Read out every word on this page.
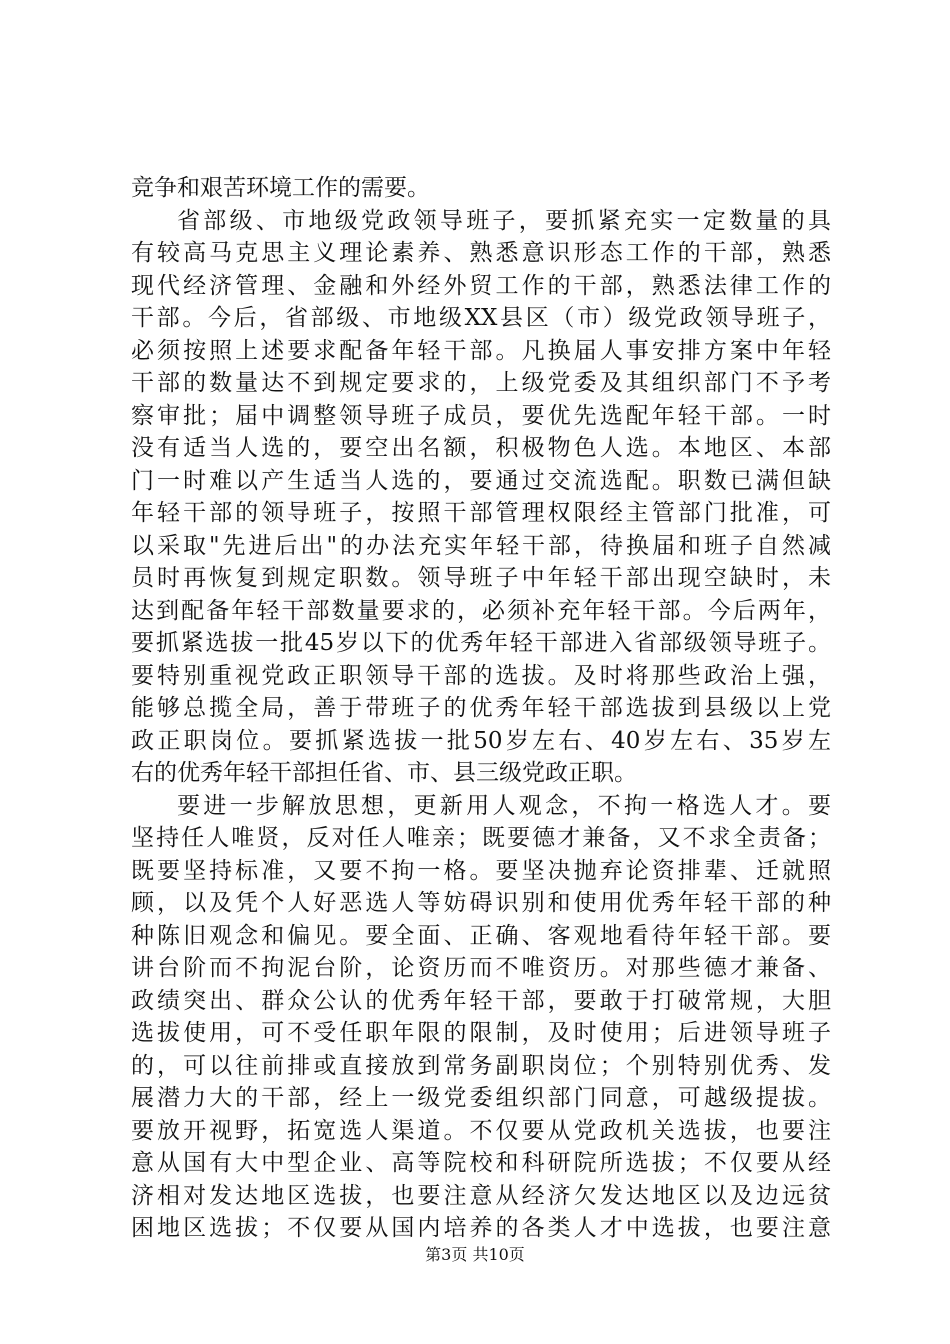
竞争和艰苦环境工作的需要。
省部级、市地级党政领导班子，要抓紧充实一定数量的具
有较高马克思主义理论素养、熟悉意识形态工作的干部，熟悉
现代经济管理、金融和外经外贸工作的干部，熟悉法律工作的
干部。今后，省部级、市地级XX县区（市）级党政领导班子，
必须按照上述要求配备年轻干部。凡换届人事安排方案中年轻
干部的数量达不到规定要求的，上级党委及其组织部门不予考
察审批；届中调整领导班子成员，要优先选配年轻干部。一时
没有适当人选的，要空出名额，积极物色人选。本地区、本部
门一时难以产生适当人选的，要通过交流选配。职数已满但缺
年轻干部的领导班子，按照干部管理权限经主管部门批准，可
以采取"先进后出"的办法充实年轻干部，待换届和班子自然减
员时再恢复到规定职数。领导班子中年轻干部出现空缺时，未
达到配备年轻干部数量要求的，必须补充年轻干部。今后两年，
要抓紧选拔一批45岁以下的优秀年轻干部进入省部级领导班子。
要特别重视党政正职领导干部的选拔。及时将那些政治上强，
能够总揽全局，善于带班子的优秀年轻干部选拔到县级以上党
政正职岗位。要抓紧选拔一批50岁左右、40岁左右、35岁左
右的优秀年轻干部担任省、市、县三级党政正职。
要进一步解放思想，更新用人观念，不拘一格选人才。要
坚持任人唯贤，反对任人唯亲；既要德才兼备，又不求全责备；
既要坚持标准，又要不拘一格。要坚决抛弃论资排辈、迁就照
顾，以及凭个人好恶选人等妨碍识别和使用优秀年轻干部的种
种陈旧观念和偏见。要全面、正确、客观地看待年轻干部。要
讲台阶而不拘泥台阶，论资历而不唯资历。对那些德才兼备、
政绩突出、群众公认的优秀年轻干部，要敢于打破常规，大胆
选拔使用，可不受任职年限的限制，及时使用；后进领导班子
的，可以往前排或直接放到常务副职岗位；个别特别优秀、发
展潜力大的干部，经上一级党委组织部门同意，可越级提拔。
要放开视野，拓宽选人渠道。不仅要从党政机关选拔，也要注
意从国有大中型企业、高等院校和科研院所选拔；不仅要从经
济相对发达地区选拔，也要注意从经济欠发达地区以及边远贫
困地区选拔；不仅要从国内培养的各类人才中选拔，也要注意
第3页 共10页
